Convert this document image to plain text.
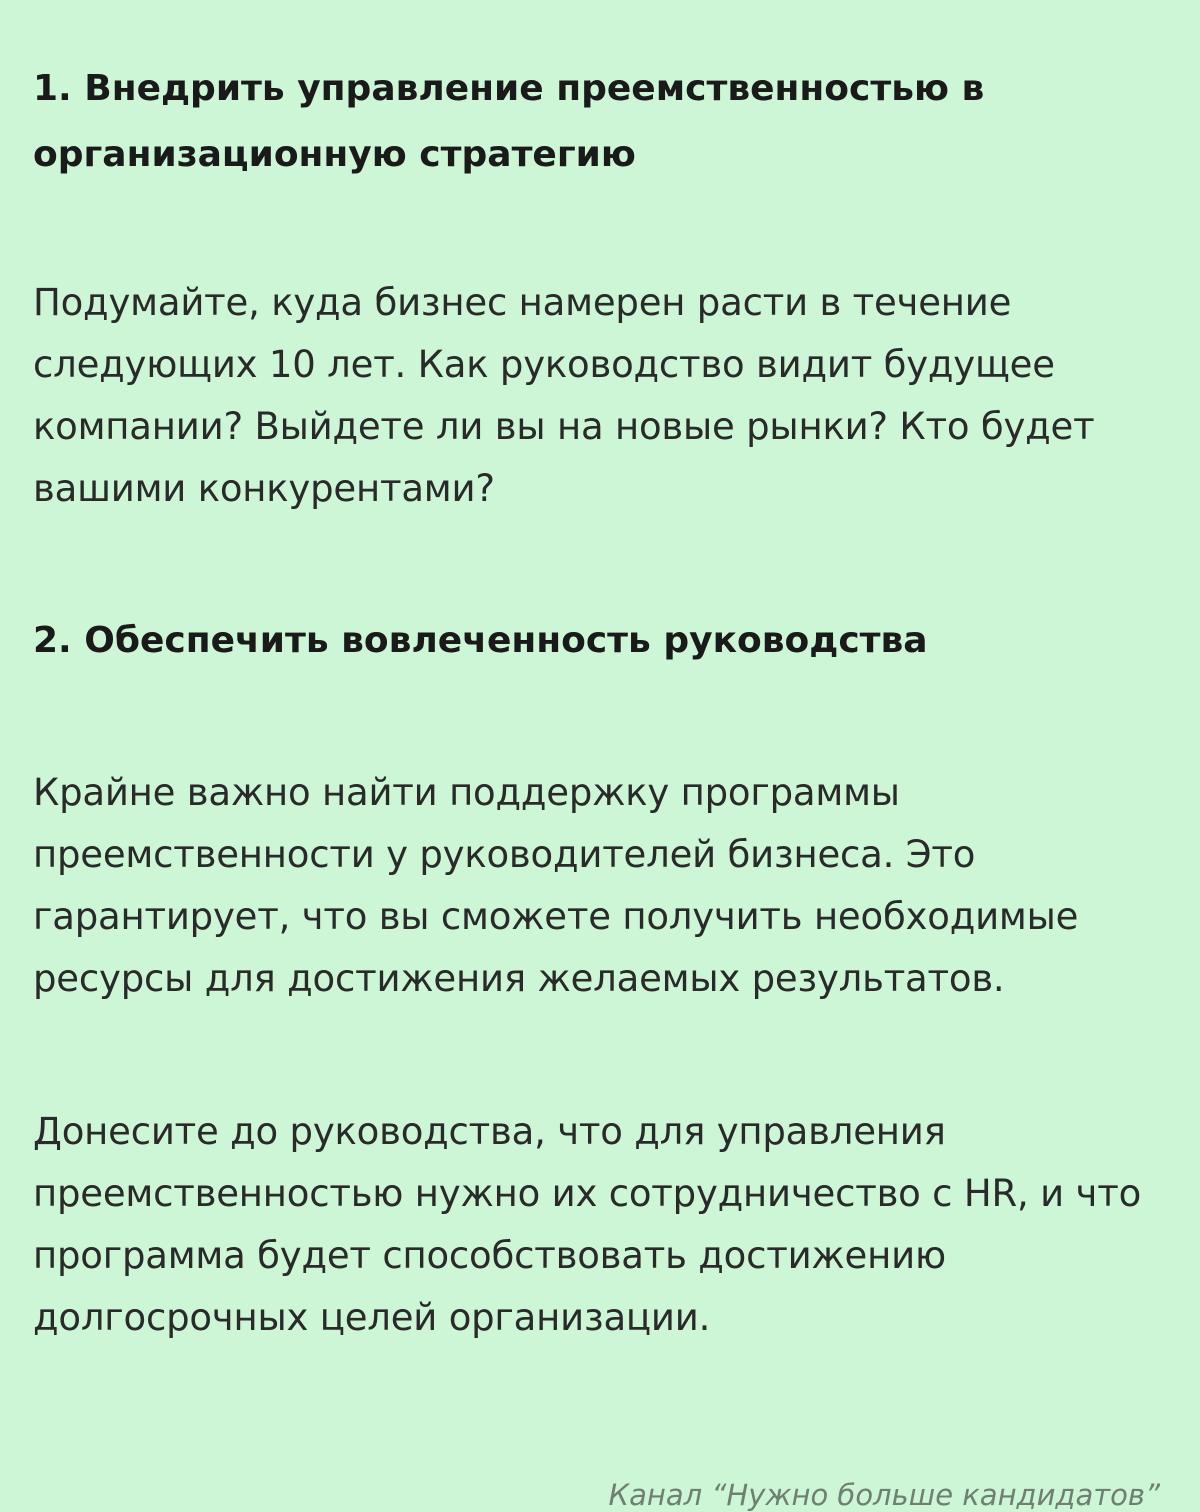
1. Внедрить управление преемственностью в организационную стратегию

Подумайте, куда бизнес намерен расти в течение следующих 10 лет. Как руководство видит будущее компании? Выйдете ли вы на новые рынки? Кто будет вашими конкурентами?

2. Обеспечить вовлеченность руководства

Крайне важно найти поддержку программы преемственности у руководителей бизнеса. Это гарантирует, что вы сможете получить необходимые ресурсы для достижения желаемых результатов.

Донесите до руководства, что для управления преемственностью нужно их сотрудничество с HR, и что программа будет способствовать достижению долгосрочных целей организации.

Канал “Нужно больше кандидатов”
